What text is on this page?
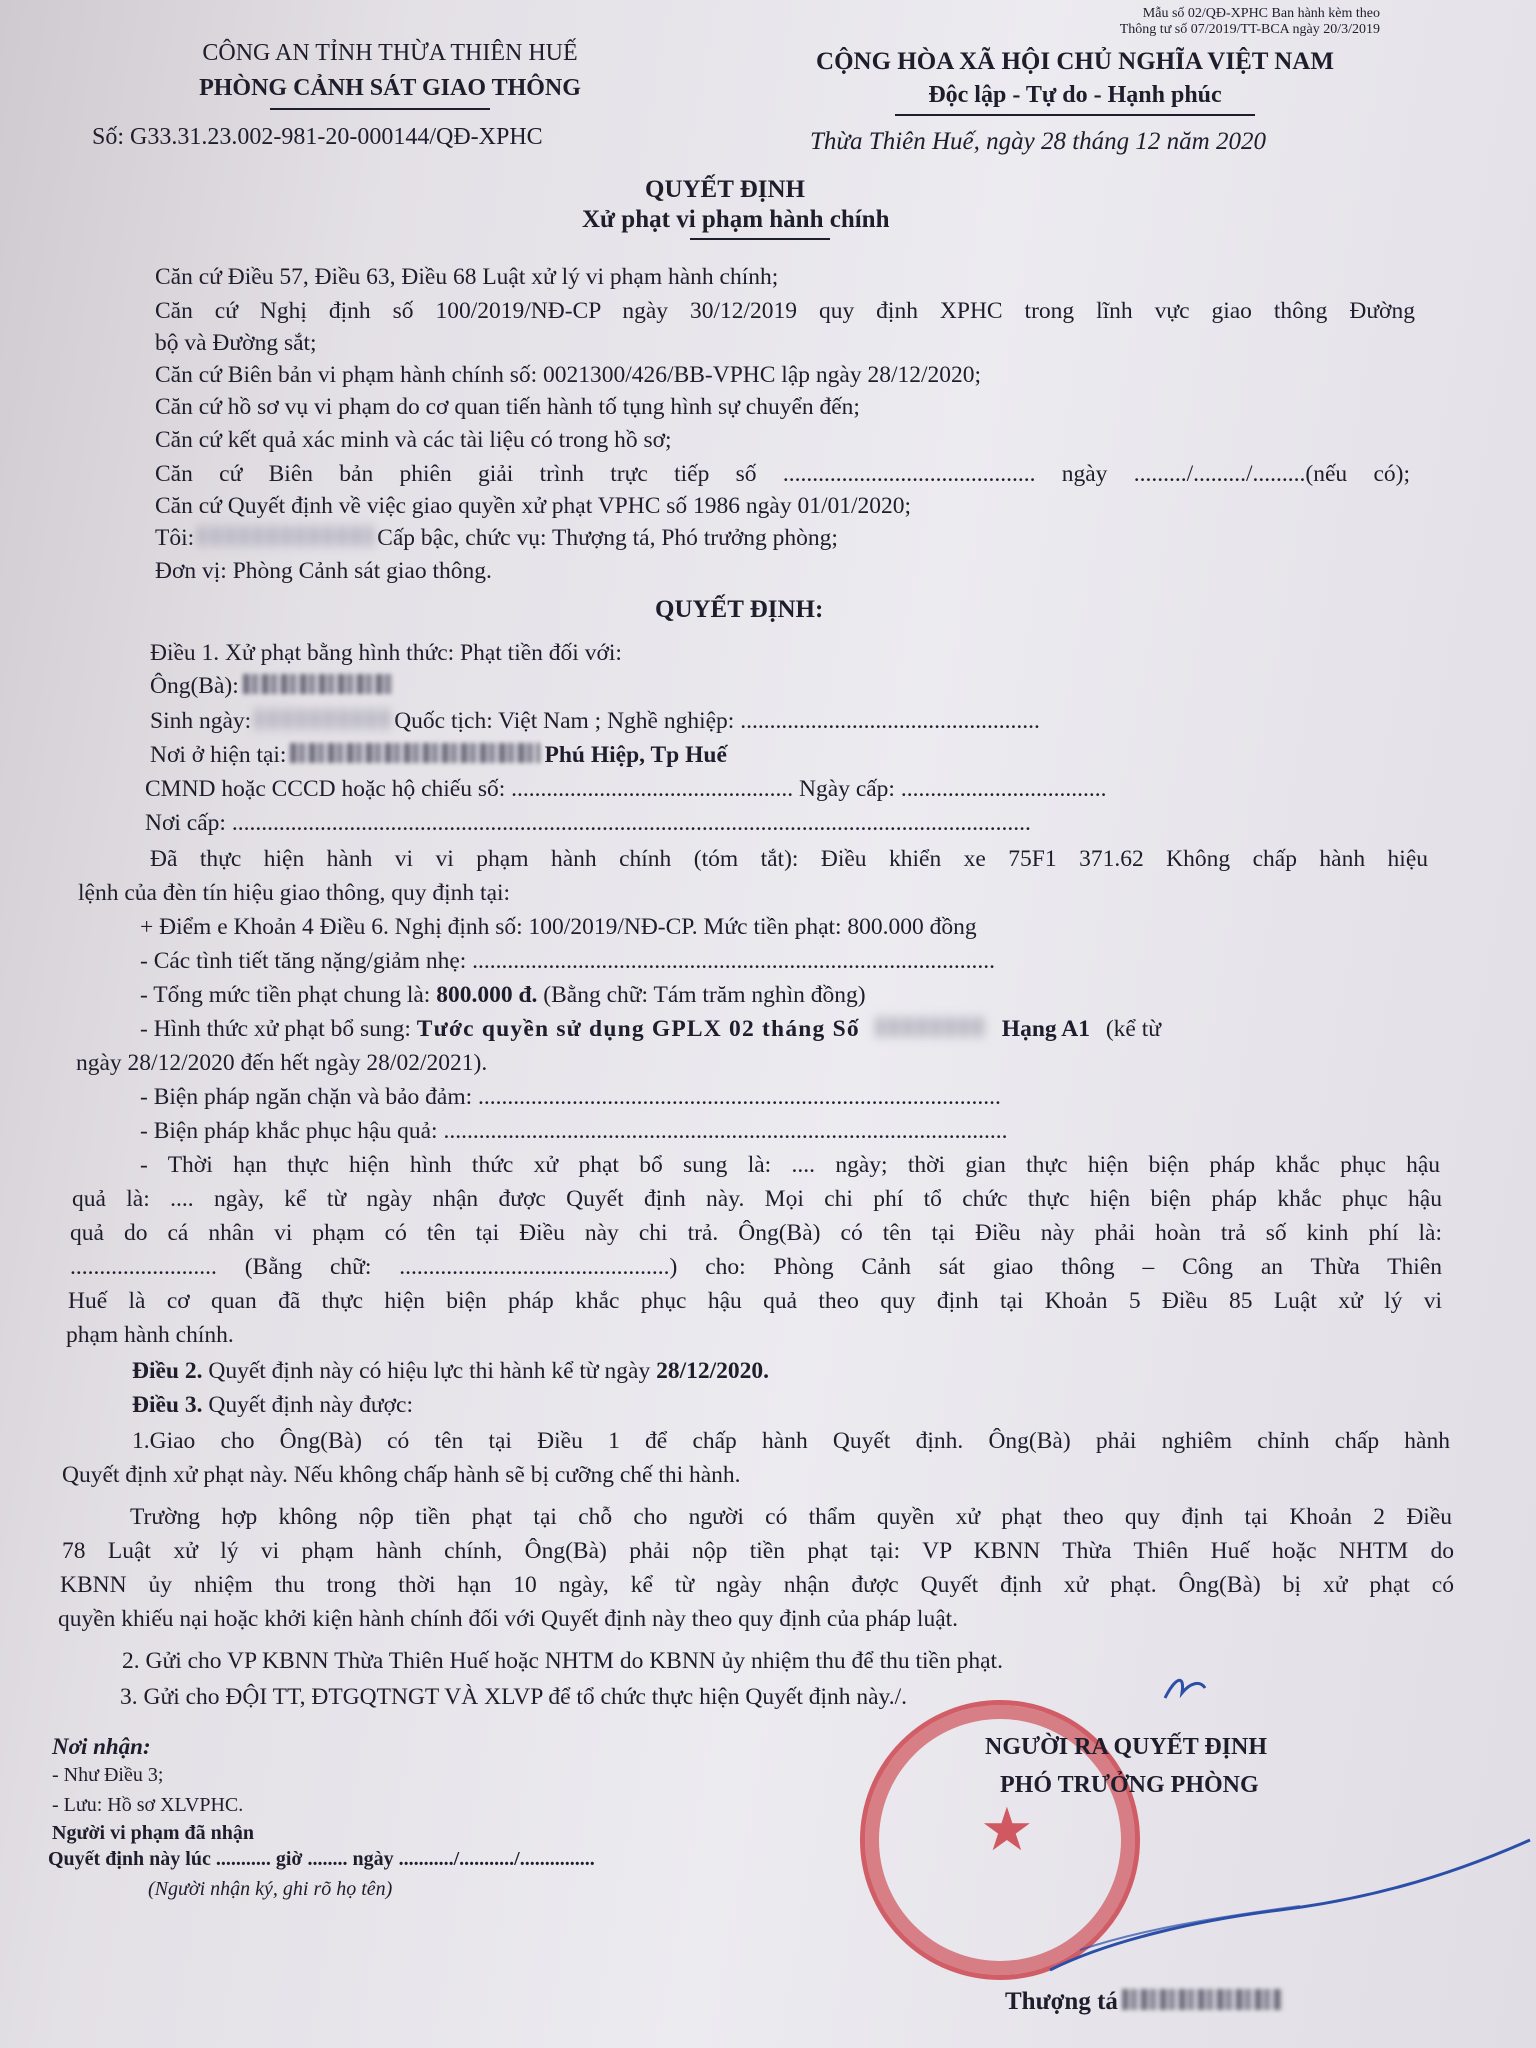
Mẫu số 02/QĐ-XPHC Ban hành kèm theo
Thông tư số 07/2019/TT-BCA ngày 20/3/2019
CÔNG AN TỈNH THỪA THIÊN HUẾ
PHÒNG CẢNH SÁT GIAO THÔNG
Số: G33.31.23.002-981-20-000144/QĐ-XPHC
CỘNG HÒA XÃ HỘI CHỦ NGHĨA VIỆT NAM
Độc lập - Tự do - Hạnh phúc
Thừa Thiên Huế, ngày 28 tháng 12 năm 2020
QUYẾT ĐỊNH
Xử phạt vi phạm hành chính
Căn cứ Điều 57, Điều 63, Điều 68 Luật xử lý vi phạm hành chính;
Căn cứ Nghị định số 100/2019/NĐ-CP ngày 30/12/2019 quy định XPHC trong lĩnh vực giao thông Đường
bộ và Đường sắt;
Căn cứ Biên bản vi phạm hành chính số: 0021300/426/BB-VPHC lập ngày 28/12/2020;
Căn cứ hồ sơ vụ vi phạm do cơ quan tiến hành tố tụng hình sự chuyển đến;
Căn cứ kết quả xác minh và các tài liệu có trong hồ sơ;
Căn cứ Biên bản phiên giải trình trực tiếp số ........................................... ngày ........./........./.........(nếu có);
Căn cứ Quyết định về việc giao quyền xử phạt VPHC số 1986 ngày 01/01/2020;
Tôi:	Cấp bậc, chức vụ: Thượng tá, Phó trưởng phòng;
Đơn vị: Phòng Cảnh sát giao thông.
QUYẾT ĐỊNH:
Điều 1. Xử phạt bằng hình thức: Phạt tiền đối với:
Ông(Bà):
Sinh ngày:	Quốc tịch: Việt Nam ; Nghề nghiệp: ...................................................
Nơi ở hiện tại:	Phú Hiệp, Tp Huế
CMND hoặc CCCD hoặc hộ chiếu số: ................................................ Ngày cấp: ...................................
Nơi cấp: ........................................................................................................................................
Đã thực hiện hành vi vi phạm hành chính (tóm tắt): Điều khiển xe 75F1 371.62 Không chấp hành hiệu
lệnh của đèn tín hiệu giao thông, quy định tại:
+ Điểm e Khoản 4 Điều 6. Nghị định số: 100/2019/NĐ-CP. Mức tiền phạt: 800.000 đồng
- Các tình tiết tăng nặng/giảm nhẹ: .........................................................................................
- Tổng mức tiền phạt chung là: 800.000 đ. (Bằng chữ: Tám trăm nghìn đồng)
- Hình thức xử phạt bổ sung: Tước quyền sử dụng GPLX 02 tháng Số	Hạng A1 (kể từ
ngày 28/12/2020 đến hết ngày 28/02/2021).
- Biện pháp ngăn chặn và bảo đảm: .........................................................................................
- Biện pháp khắc phục hậu quả: ................................................................................................
- Thời hạn thực hiện hình thức xử phạt bổ sung là: .... ngày; thời gian thực hiện biện pháp khắc phục hậu
quả là: .... ngày, kể từ ngày nhận được Quyết định này. Mọi chi phí tổ chức thực hiện biện pháp khắc phục hậu
quả do cá nhân vi phạm có tên tại Điều này chi trả. Ông(Bà) có tên tại Điều này phải hoàn trả số kinh phí là:
......................... (Bằng chữ: ..............................................) cho: Phòng Cảnh sát giao thông – Công an Thừa Thiên
Huế là cơ quan đã thực hiện biện pháp khắc phục hậu quả theo quy định tại Khoản 5 Điều 85 Luật xử lý vi
phạm hành chính.
Điều 2. Quyết định này có hiệu lực thi hành kể từ ngày 28/12/2020.
Điều 3. Quyết định này được:
1.Giao cho Ông(Bà) có tên tại Điều 1 để chấp hành Quyết định. Ông(Bà) phải nghiêm chỉnh chấp hành
Quyết định xử phạt này. Nếu không chấp hành sẽ bị cưỡng chế thi hành.
Trường hợp không nộp tiền phạt tại chỗ cho người có thẩm quyền xử phạt theo quy định tại Khoản 2 Điều
78 Luật xử lý vi phạm hành chính, Ông(Bà) phải nộp tiền phạt tại: VP KBNN Thừa Thiên Huế hoặc NHTM do
KBNN ủy nhiệm thu trong thời hạn 10 ngày, kể từ ngày nhận được Quyết định xử phạt. Ông(Bà) bị xử phạt có
quyền khiếu nại hoặc khởi kiện hành chính đối với Quyết định này theo quy định của pháp luật.
2. Gửi cho VP KBNN Thừa Thiên Huế hoặc NHTM do KBNN ủy nhiệm thu để thu tiền phạt.
3. Gửi cho ĐỘI TT, ĐTGQTNGT VÀ XLVP để tổ chức thực hiện Quyết định này./.
★
Nơi nhận:
- Như Điều 3;
- Lưu: Hồ sơ XLVPHC.
Người vi phạm đã nhận
Quyết định này lúc ........... giờ ........ ngày .........../.........../...............
(Người nhận ký, ghi rõ họ tên)
NGƯỜI RA QUYẾT ĐỊNH
PHÓ TRƯỞNG PHÒNG
Thượng tá
